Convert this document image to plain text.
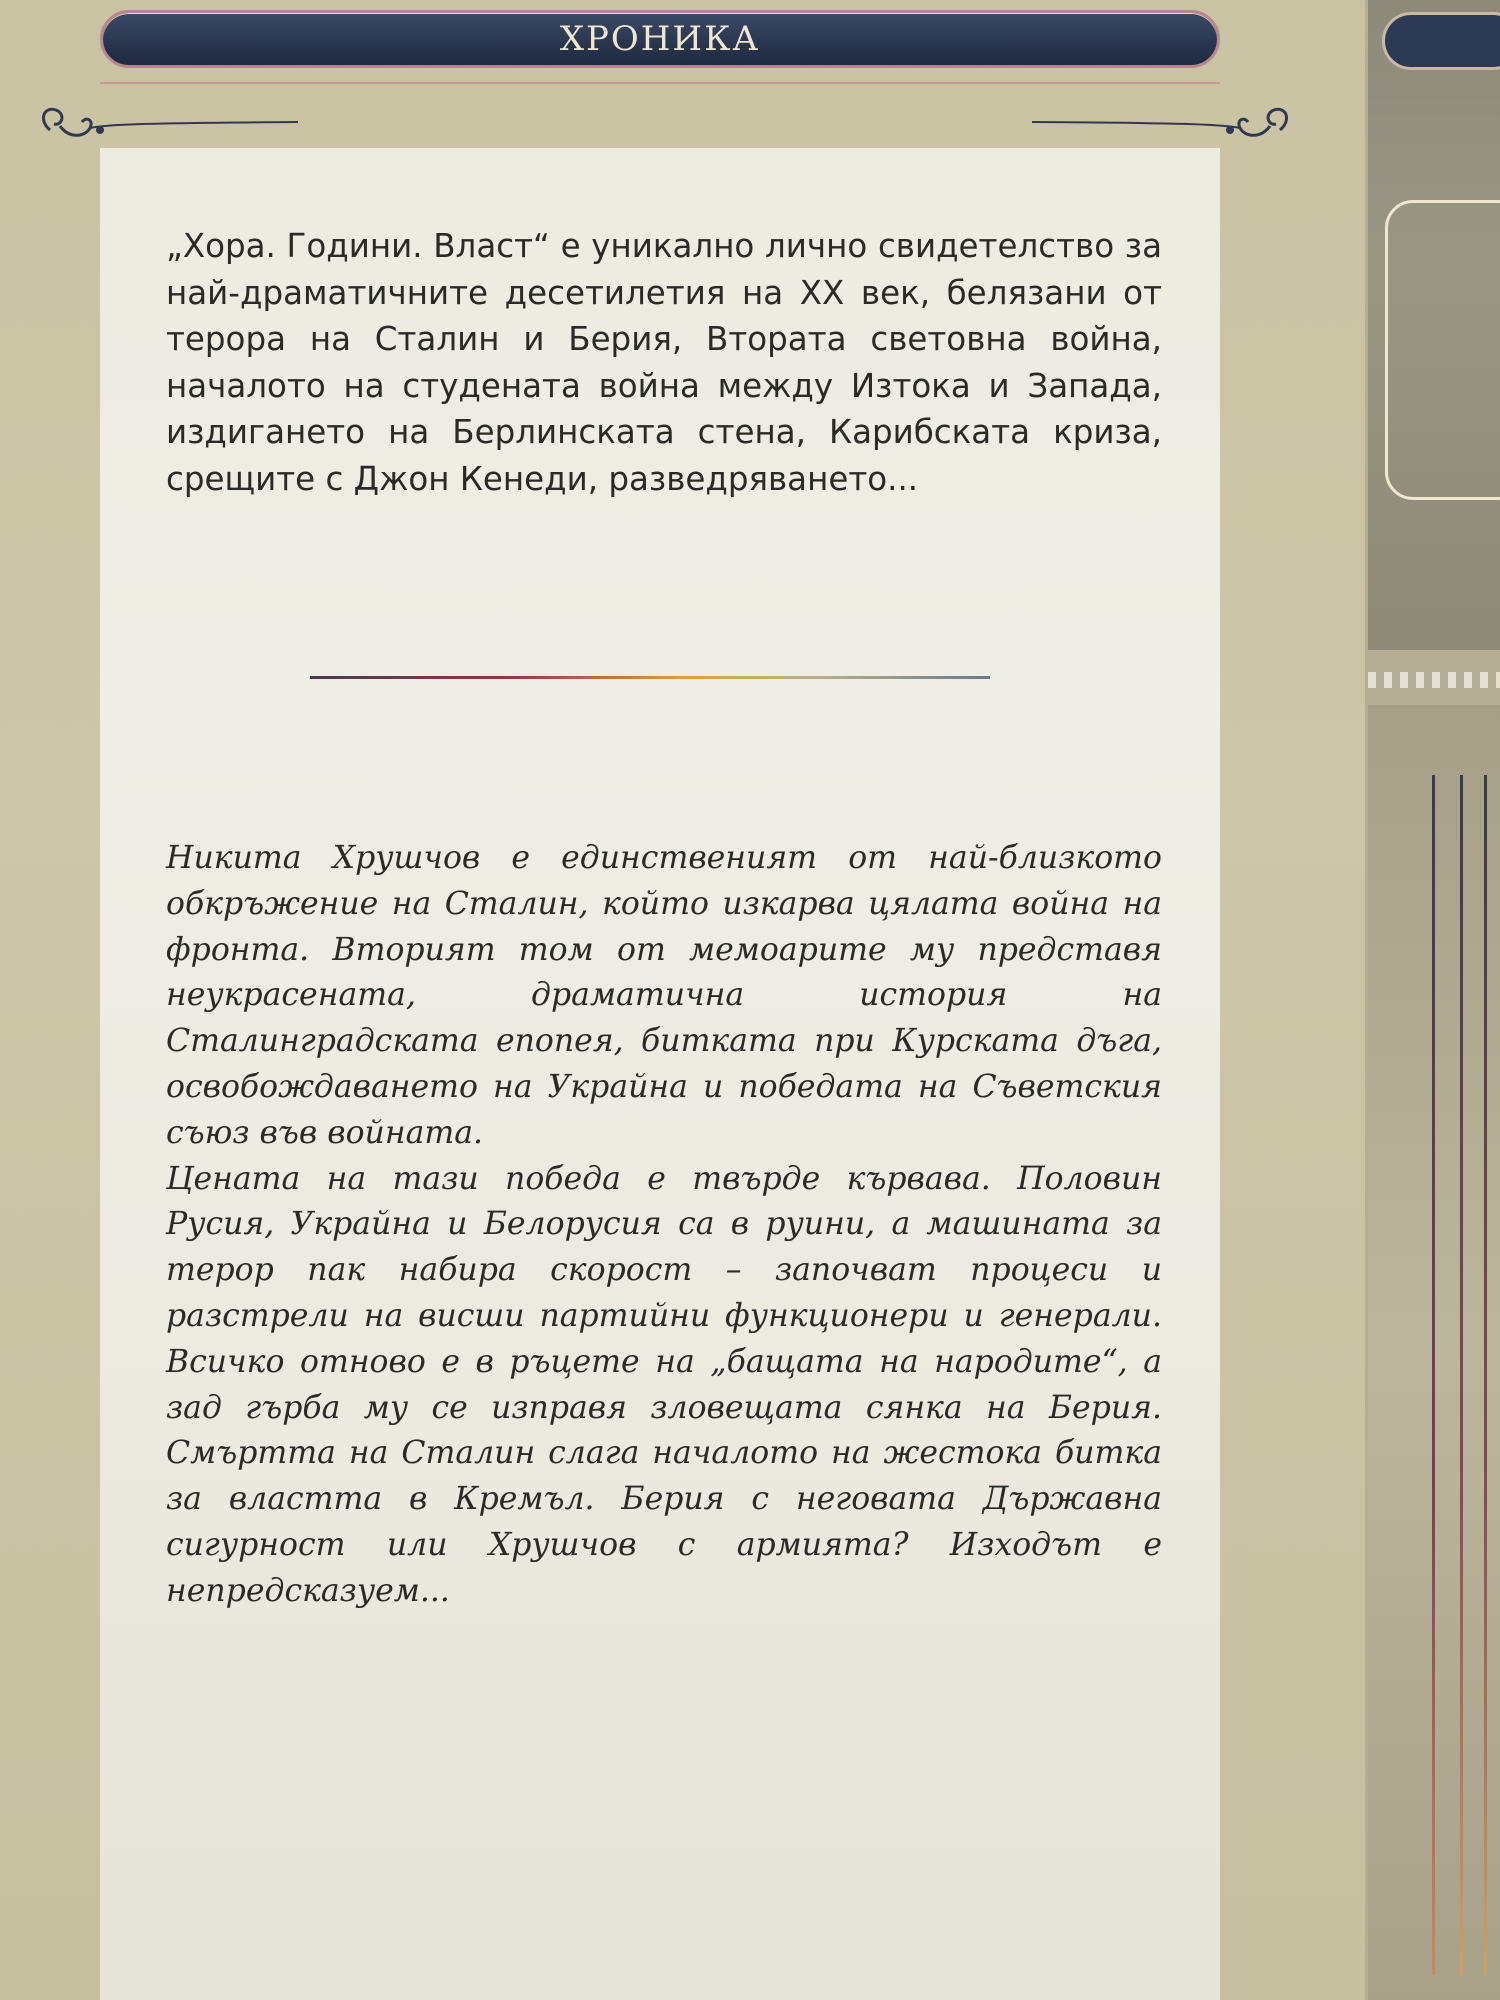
ХРОНИКА

„Хора. Години. Власт“ е уникално лично свидетелство за най-драматичните десетилетия на XX век, белязани от терора на Сталин и Берия, Втората световна война, началото на студената война между Изтока и Запада, издигането на Берлинската стена, Карибската криза, срещите с Джон Кенеди, разведряването...

Никита Хрушчов е единственият от най-близкото обкръжение на Сталин, който изкарва цялата война на фронта. Вторият том от мемоарите му представя неукрасената, драматична история на Сталинградската епопея, битката при Курската дъга, освобождаването на Украйна и победата на Съветския съюз във войната.

Цената на тази победа е твърде кървава. Половин Русия, Украйна и Белорусия са в руини, а машината за терор пак набира скорост – започват процеси и разстрели на висши партийни функционери и генерали. Всичко отново е в ръцете на „бащата на народите“, а зад гърба му се изправя зловещата сянка на Берия. Смъртта на Сталин слага началото на жестока битка за властта в Кремъл. Берия с неговата Държавна сигурност или Хрушчов с армията? Изходът е непредсказуем...
